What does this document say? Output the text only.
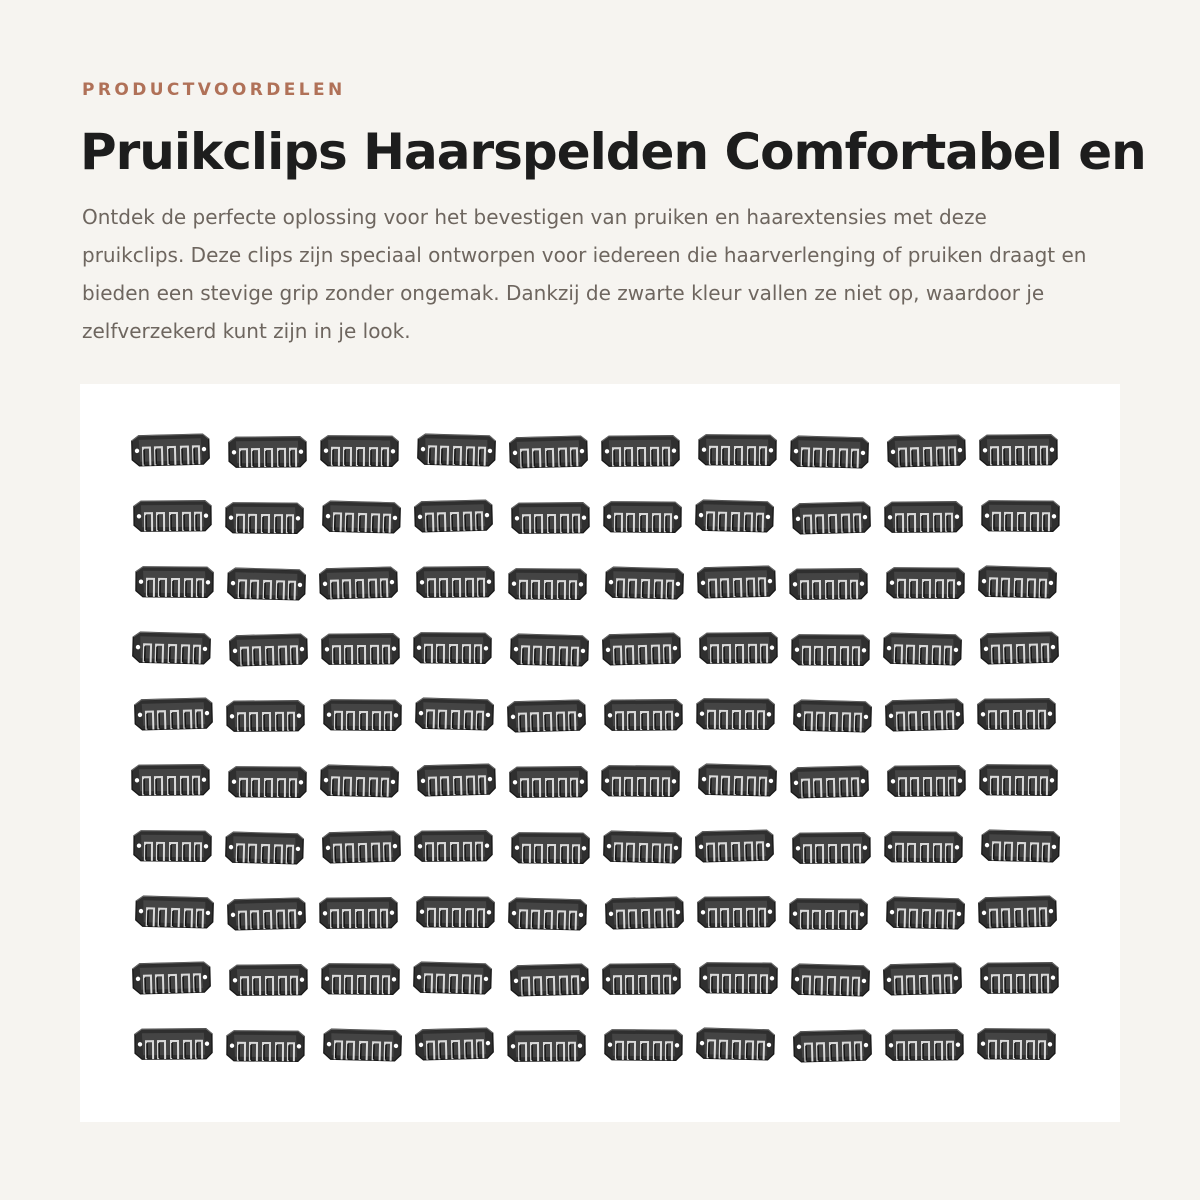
PRODUCTVOORDELEN
Pruikclips Haarspelden Comfortabel en

Ontdek de perfecte oplossing voor het bevestigen van pruiken en haarextensies met deze pruikclips. Deze clips zijn speciaal ontworpen voor iedereen die haarverlenging of pruiken draagt en bieden een stevige grip zonder ongemak. Dankzij de zwarte kleur vallen ze niet op, waardoor je zelfverzekerd kunt zijn in je look.
